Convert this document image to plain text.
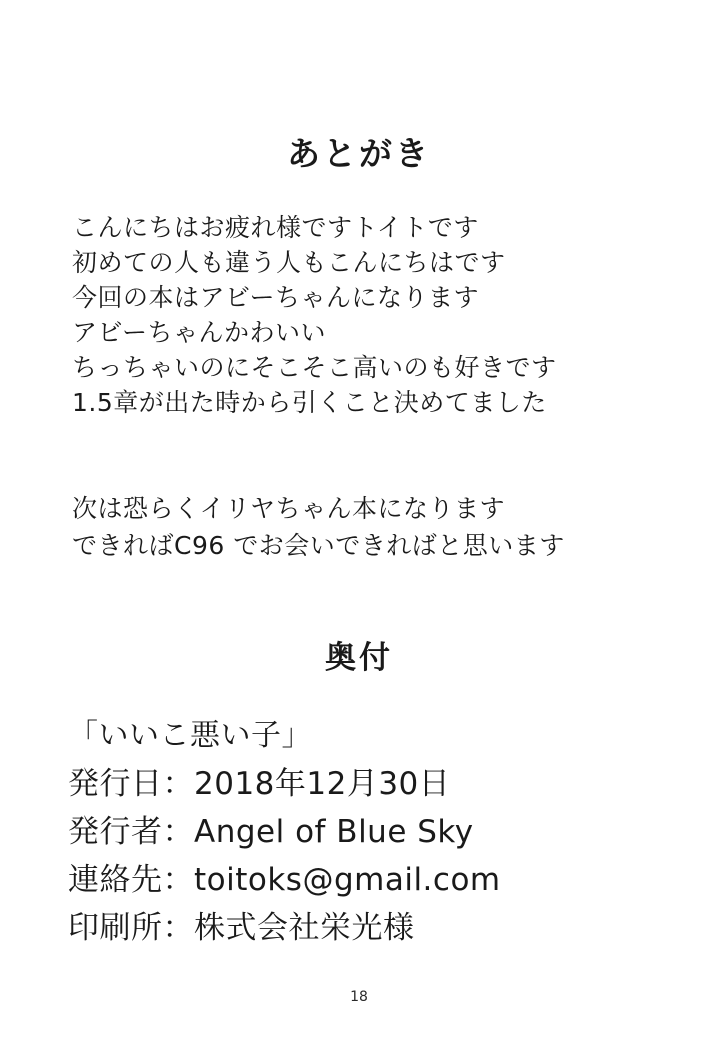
あとがき
こんにちはお疲れ様ですトイトです
初めての人も違う人もこんにちはです
今回の本はアビーちゃんになります
アビーちゃんかわいい
ちっちゃいのにそこそこ高いのも好きです
1.5章が出た時から引くこと決めてました
次は恐らくイリヤちゃん本になります
できればC96 でお会いできればと思います
奥付
「いいこ悪い子」
発行日：2018年12月30日
発行者：Angel of Blue Sky
連絡先：toitoks@gmail.com
印刷所：株式会社栄光様
18
